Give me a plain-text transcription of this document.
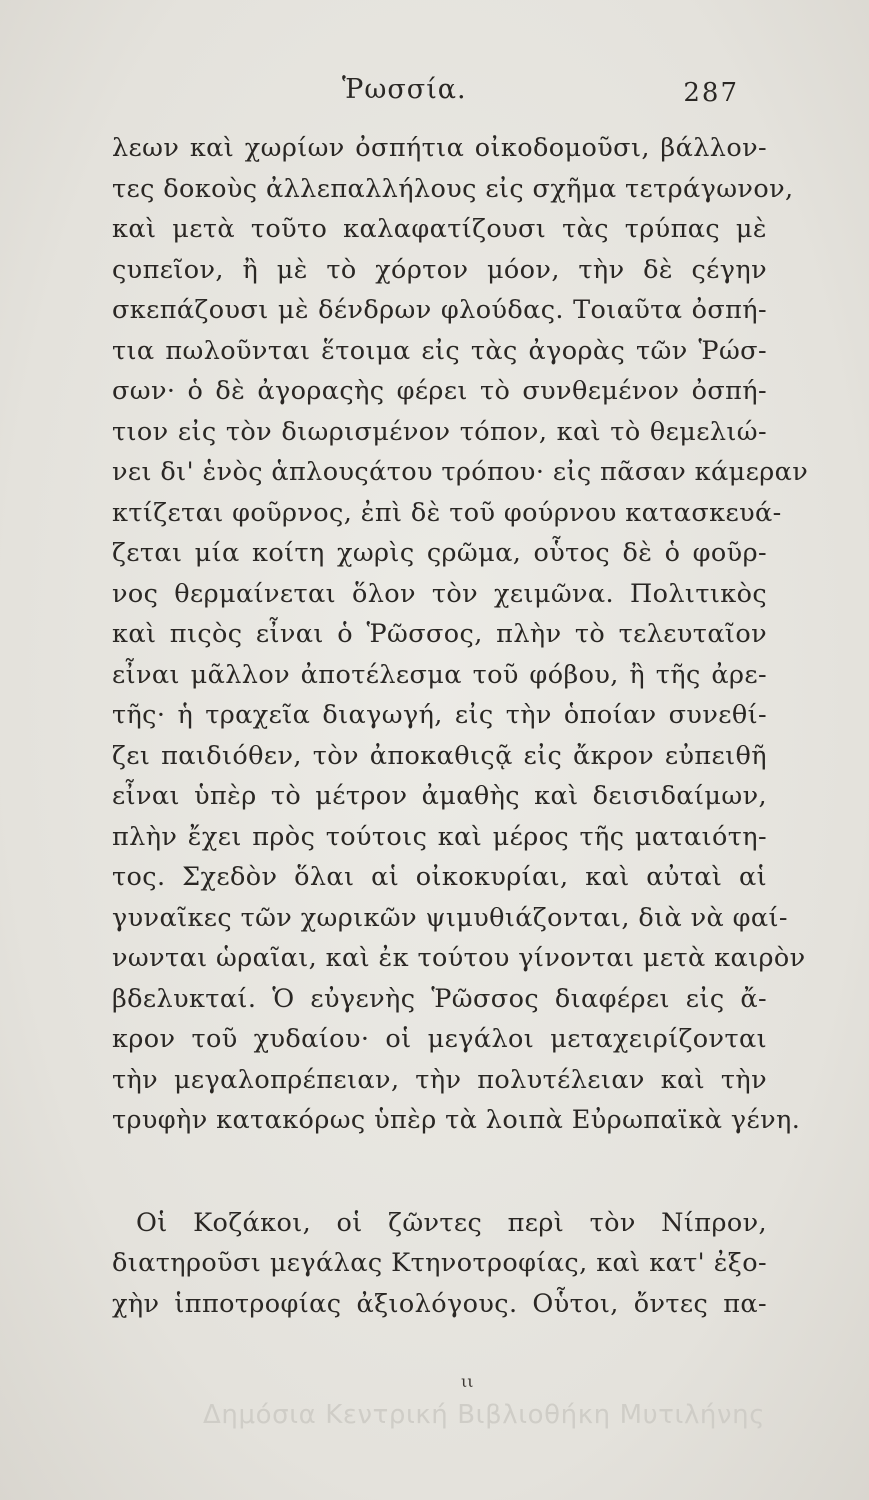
Ῥωσσία.	287
λεων καὶ χωρίων ὀσπήτια οἰκοδομοῦσι, βάλλον-
τες δοκοὺς ἀλλεπαλλήλους εἰς σχῆμα τετράγωνον,
καὶ μετὰ τοῦτο καλαφατίζουσι τὰς τρύπας μὲ
ςυπεῖον, ἢ μὲ τὸ χόρτον μόον, τὴν δὲ ςέγην
σκεπάζουσι μὲ δένδρων φλούδας. Τοιαῦτα ὀσπή-
τια πωλοῦνται ἕτοιμα εἰς τὰς ἀγορὰς τῶν Ῥώσ-
σων· ὁ δὲ ἀγοραςὴς φέρει τὸ συνθεμένον ὀσπή-
τιον εἰς τὸν διωρισμένον τόπον, καὶ τὸ θεμελιώ-
νει δι' ἑνὸς ἁπλουςάτου τρόπου· εἰς πᾶσαν κάμεραν
κτίζεται φοῦρνος, ἐπὶ δὲ τοῦ φούρνου κατασκευά-
ζεται μία κοίτη χωρὶς ςρῶμα, οὗτος δὲ ὁ φοῦρ-
νος θερμαίνεται ὅλον τὸν χειμῶνα. Πολιτικὸς
καὶ πιςὸς εἶναι ὁ Ῥῶσσος, πλὴν τὸ τελευταῖον
εἶναι μᾶλλον ἀποτέλεσμα τοῦ φόβου, ἢ τῆς ἀρε-
τῆς· ἡ τραχεῖα διαγωγή, εἰς τὴν ὁποίαν συνεθί-
ζει παιδιόθεν, τὸν ἀποκαθιςᾷ εἰς ἄκρον εὐπειθῆ
εἶναι ὑπὲρ τὸ μέτρον ἀμαθὴς καὶ δεισιδαίμων,
πλὴν ἔχει πρὸς τούτοις καὶ μέρος τῆς ματαιότη-
τος. Σχεδὸν ὅλαι αἱ οἰκοκυρίαι, καὶ αὐταὶ αἱ
γυναῖκες τῶν χωρικῶν ψιμυθιάζονται, διὰ νὰ φαί-
νωνται ὡραῖαι, καὶ ἐκ τούτου γίνονται μετὰ καιρὸν
βδελυκταί. Ὁ εὐγενὴς Ῥῶσσος διαφέρει εἰς ἄ-
κρον τοῦ χυδαίου· οἱ μεγάλοι μεταχειρίζονται
τὴν μεγαλοπρέπειαν, τὴν πολυτέλειαν καὶ τὴν
τρυφὴν κατακόρως ὑπὲρ τὰ λοιπὰ Εὐρωπαϊκὰ γένη.
Οἱ Κοζάκοι, οἱ ζῶντες περὶ τὸν Νίπρον,
διατηροῦσι μεγάλας Κτηνοτροφίας, καὶ κατ' ἐξο-
χὴν ἱπποτροφίας ἀξιολόγους. Οὗτοι, ὄντες πα-
ιι
Δημόσια Κεντρική Βιβλιοθήκη Μυτιλήνης
